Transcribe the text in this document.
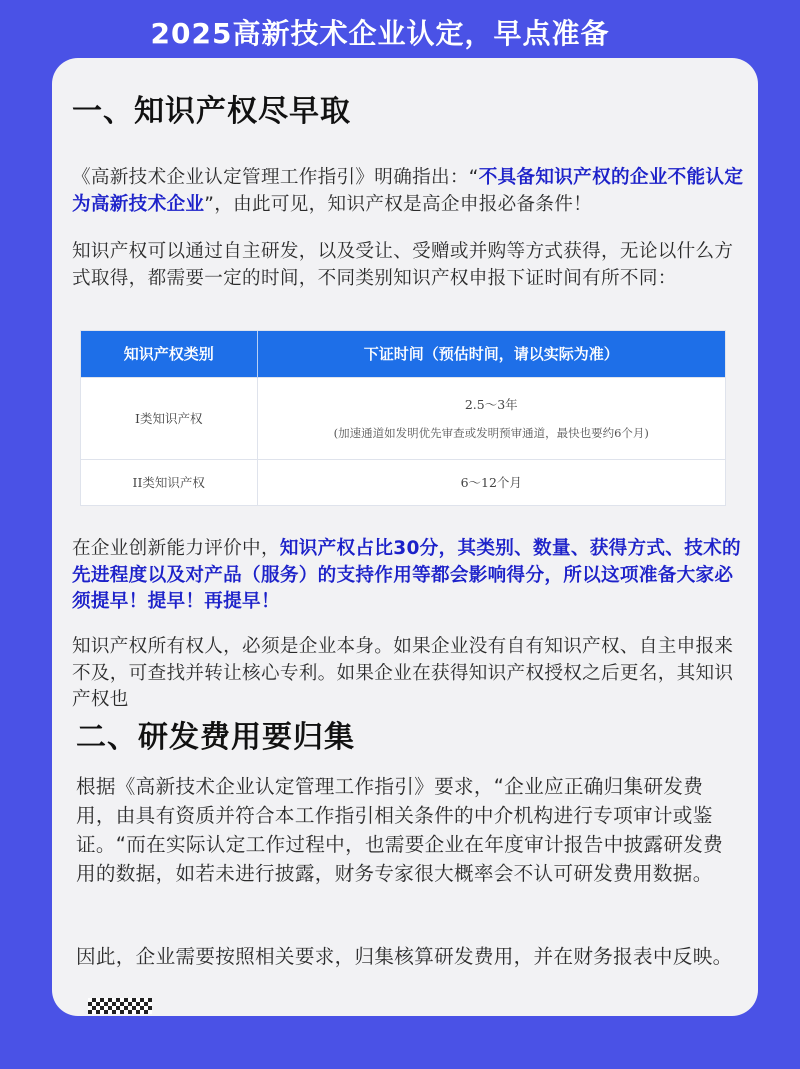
2025高新技术企业认定，早点准备
一、知识产权尽早取
《高新技术企业认定管理工作指引》明确指出：“不具备知识产权的企业不能认定为高新技术企业”，由此可见，知识产权是高企申报必备条件！
知识产权可以通过自主研发，以及受让、受赠或并购等方式获得，无论以什么方式取得，都需要一定的时间，不同类别知识产权申报下证时间有所不同：
知识产权类别	下证时间（预估时间，请以实际为准）
I类知识产权	2.5～3年
(加速通道如发明优先审查或发明预审通道，最快也要约6个月)

II类知识产权	6～12个月
在企业创新能力评价中，知识产权占比30分，其类别、数量、获得方式、技术的先进程度以及对产品（服务）的支持作用等都会影响得分，所以这项准备大家必须提早！提早！再提早！
知识产权所有权人，必须是企业本身。如果企业没有自有知识产权、自主申报来不及，可查找并转让核心专利。如果企业在获得知识产权授权之后更名，其知识产权也
二、研发费用要归集
根据《高新技术企业认定管理工作指引》要求，“企业应正确归集研发费用，由具有资质并符合本工作指引相关条件的中介机构进行专项审计或鉴证。“而在实际认定工作过程中，也需要企业在年度审计报告中披露研发费用的数据，如若未进行披露，财务专家很大概率会不认可研发费用数据。
因此，企业需要按照相关要求，归集核算研发费用，并在财务报表中反映。
